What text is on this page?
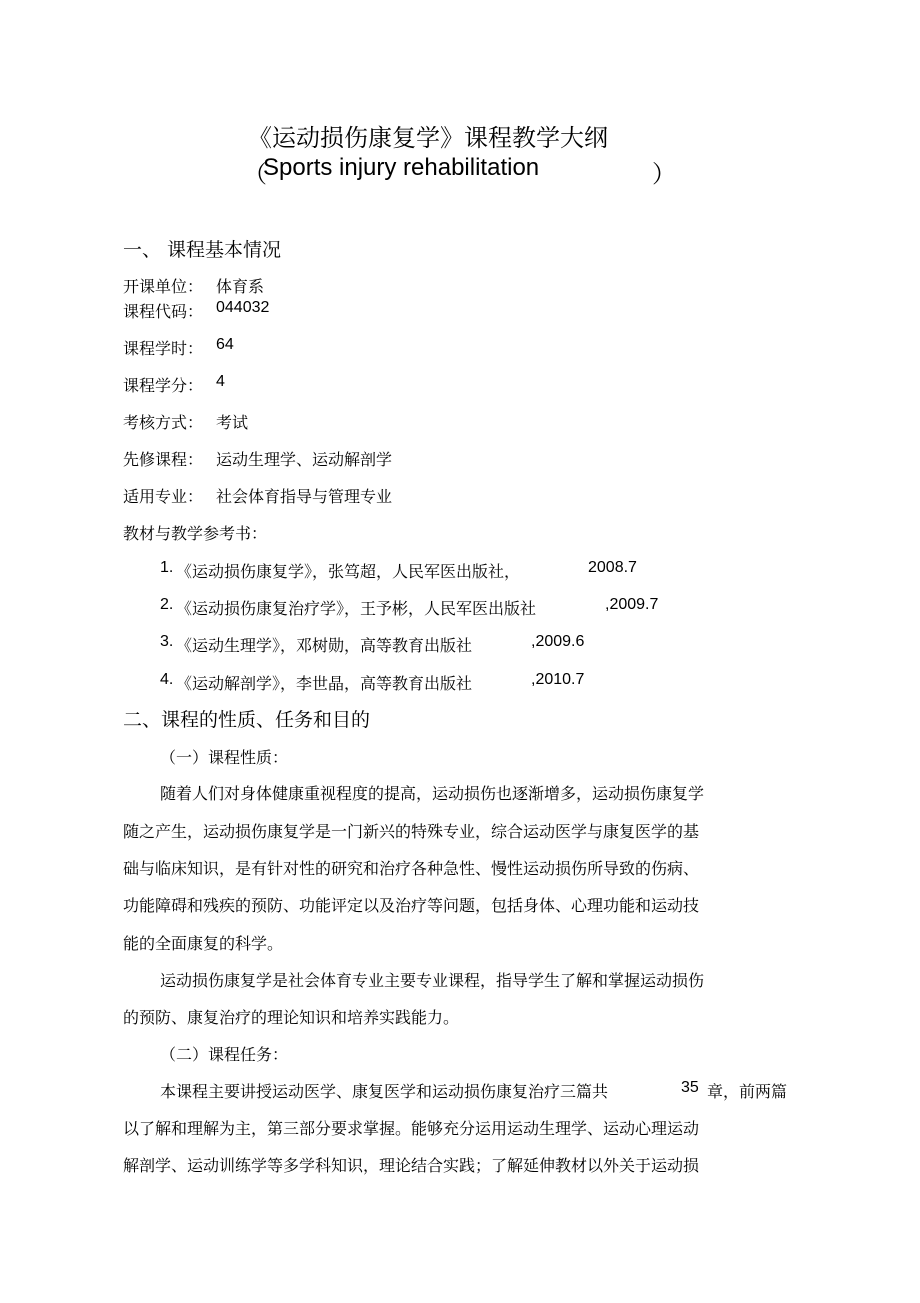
《运动损伤康复学》课程教学大纲
（
Sports injury rehabilitation	）
一、 课程基本情况
开课单位： 体育系
课程代码： 044032
课程学时： 64
课程学分： 4
考核方式： 考试
先修课程： 运动生理学、运动解剖学
适用专业： 社会体育指导与管理专业
教材与教学参考书：
1. 《运动损伤康复学》，张笃超，人民军医出版社，	2008.7
2. 《运动损伤康复治疗学》，王予彬，人民军医出版社	,2009.7
3. 《运动生理学》，邓树勋，高等教育出版社	,2009.6
4. 《运动解剖学》，李世晶，高等教育出版社	,2010.7
二、课程的性质、任务和目的
（一）课程性质：
随着人们对身体健康重视程度的提高，运动损伤也逐渐增多，运动损伤康复学
随之产生，运动损伤康复学是一门新兴的特殊专业，综合运动医学与康复医学的基
础与临床知识，是有针对性的研究和治疗各种急性、慢性运动损伤所导致的伤病、
功能障碍和残疾的预防、功能评定以及治疗等问题，包括身体、心理功能和运动技
能的全面康复的科学。
运动损伤康复学是社会体育专业主要专业课程，指导学生了解和掌握运动损伤
的预防、康复治疗的理论知识和培养实践能力。
（二）课程任务：
本课程主要讲授运动医学、康复医学和运动损伤康复治疗三篇共	35 章，前两篇
以了解和理解为主，第三部分要求掌握。能够充分运用运动生理学、运动心理运动
解剖学、运动训练学等多学科知识，理论结合实践；了解延伸教材以外关于运动损
